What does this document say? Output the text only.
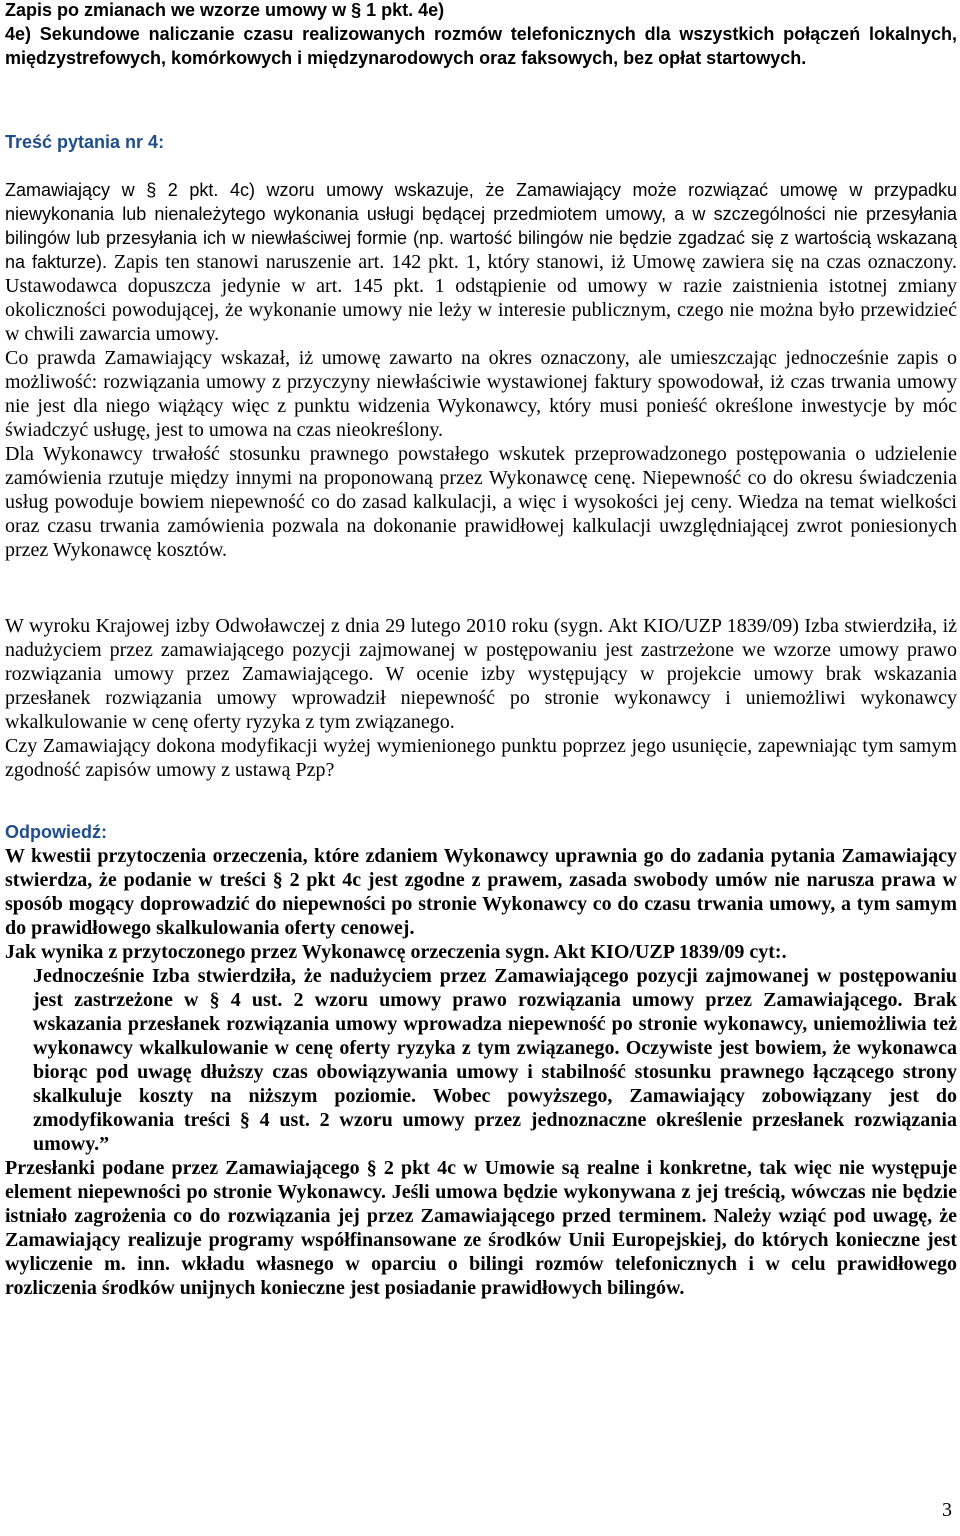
Zapis po zmianach we wzorze umowy w § 1 pkt. 4e)

4e) Sekundowe naliczanie czasu realizowanych rozmów telefonicznych dla wszystkich połączeń lokalnych, międzystrefowych, komórkowych i międzynarodowych oraz faksowych, bez opłat startowych.

Treść pytania nr 4:

Zamawiający w § 2 pkt. 4c) wzoru umowy wskazuje, że Zamawiający może rozwiązać umowę w przypadku niewykonania lub nienależytego wykonania usługi będącej przedmiotem umowy, a w szczególności nie przesyłania bilingów lub przesyłania ich w niewłaściwej formie (np. wartość bilingów nie będzie zgadzać się z wartością wskazaną na fakturze). Zapis ten stanowi naruszenie art. 142 pkt. 1, który stanowi, iż Umowę zawiera się na czas oznaczony. Ustawodawca dopuszcza jedynie w art. 145 pkt. 1 odstąpienie od umowy w razie zaistnienia istotnej zmiany okoliczności powodującej, że wykonanie umowy nie leży w interesie publicznym, czego nie można było przewidzieć w chwili zawarcia umowy.

Co prawda Zamawiający wskazał, iż umowę zawarto na okres oznaczony, ale umieszczając jednocześnie zapis o możliwość: rozwiązania umowy z przyczyny niewłaściwie wystawionej faktury spowodował, iż czas trwania umowy nie jest dla niego wiążący więc z punktu widzenia Wykonawcy, który musi ponieść określone inwestycje by móc świadczyć usługę, jest to umowa na czas nieokreślony.

Dla Wykonawcy trwałość stosunku prawnego powstałego wskutek przeprowadzonego postępowania o udzielenie zamówienia rzutuje między innymi na proponowaną przez Wykonawcę cenę. Niepewność co do okresu świadczenia usług powoduje bowiem niepewność co do zasad kalkulacji, a więc i wysokości jej ceny. Wiedza na temat wielkości oraz czasu trwania zamówienia pozwala na dokonanie prawidłowej kalkulacji uwzględniającej zwrot poniesionych przez Wykonawcę kosztów.

W wyroku Krajowej izby Odwoławczej z dnia 29 lutego 2010 roku (sygn. Akt KIO/UZP 1839/09) Izba stwierdziła, iż nadużyciem przez zamawiającego pozycji zajmowanej w postępowaniu jest zastrzeżone we wzorze umowy prawo rozwiązania umowy przez Zamawiającego. W ocenie izby występujący w projekcie umowy brak wskazania przesłanek rozwiązania umowy wprowadził niepewność po stronie wykonawcy i uniemożliwi wykonawcy wkalkulowanie w cenę oferty ryzyka z tym związanego.

Czy Zamawiający dokona modyfikacji wyżej wymienionego punktu poprzez jego usunięcie, zapewniając tym samym zgodność zapisów umowy z ustawą Pzp?

Odpowiedź:

W kwestii przytoczenia orzeczenia, które zdaniem Wykonawcy uprawnia go do zadania pytania Zamawiający stwierdza, że podanie w treści § 2 pkt 4c jest zgodne z prawem, zasada swobody umów nie narusza prawa w sposób mogący doprowadzić do niepewności po stronie Wykonawcy co do czasu trwania umowy, a tym samym do prawidłowego skalkulowania oferty cenowej.

Jak wynika z przytoczonego przez Wykonawcę orzeczenia sygn. Akt KIO/UZP 1839/09 cyt:.

Jednocześnie Izba stwierdziła, że nadużyciem przez Zamawiającego pozycji zajmowanej w postępowaniu jest zastrzeżone w § 4 ust. 2 wzoru umowy prawo rozwiązania umowy przez Zamawiającego. Brak wskazania przesłanek rozwiązania umowy wprowadza niepewność po stronie wykonawcy, uniemożliwia też wykonawcy wkalkulowanie w cenę oferty ryzyka z tym związanego. Oczywiste jest bowiem, że wykonawca biorąc pod uwagę dłuższy czas obowiązywania umowy i stabilność stosunku prawnego łączącego strony skalkuluje koszty na niższym poziomie. Wobec powyższego, Zamawiający zobowiązany jest do zmodyfikowania treści § 4 ust. 2 wzoru umowy przez jednoznaczne określenie przesłanek rozwiązania umowy.”

Przesłanki podane przez Zamawiającego § 2 pkt 4c w Umowie są realne i konkretne, tak więc nie występuje element niepewności po stronie Wykonawcy. Jeśli umowa będzie wykonywana z jej treścią, wówczas nie będzie istniało zagrożenia co do rozwiązania jej przez Zamawiającego przed terminem. Należy wziąć pod uwagę, że Zamawiający realizuje programy współfinansowane ze środków Unii Europejskiej, do których konieczne jest wyliczenie m. inn. wkładu własnego w oparciu o bilingi rozmów telefonicznych i w celu prawidłowego rozliczenia środków unijnych konieczne jest posiadanie prawidłowych bilingów.

3
